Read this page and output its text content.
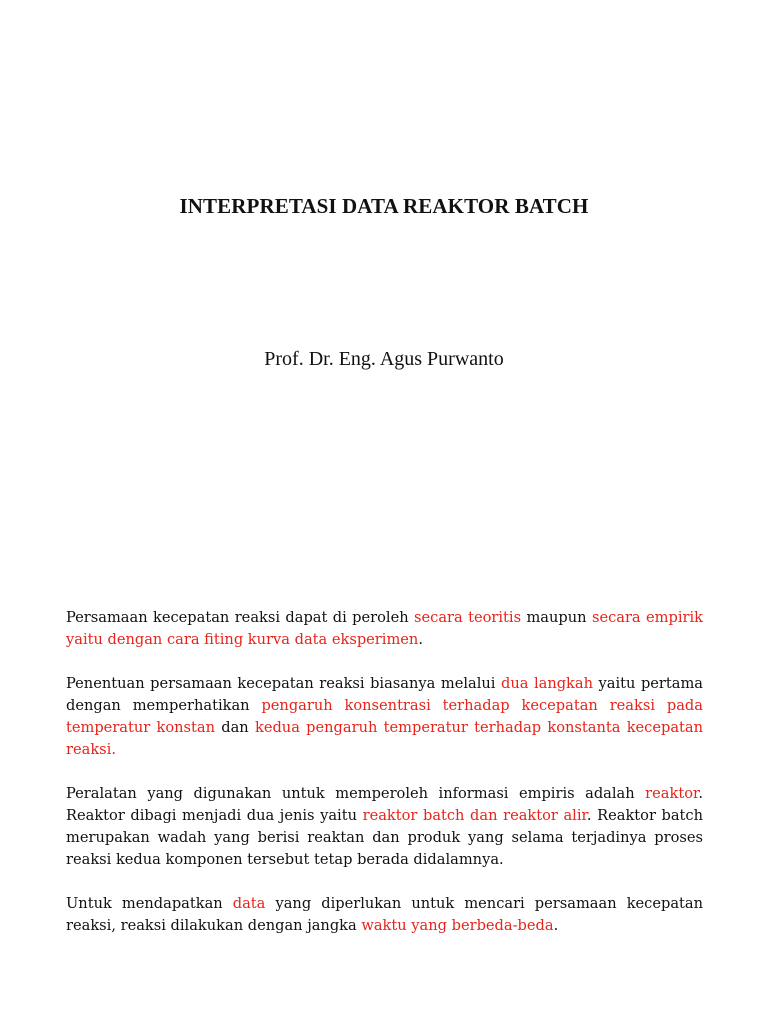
INTERPRETASI DATA REAKTOR BATCH

Prof. Dr. Eng. Agus Purwanto

Persamaan kecepatan reaksi dapat di peroleh secara teoritis maupun secara empirik yaitu dengan cara fiting kurva data eksperimen.

Penentuan persamaan kecepatan reaksi biasanya melalui dua langkah yaitu pertama dengan memperhatikan pengaruh konsentrasi terhadap kecepatan reaksi pada temperatur konstan dan kedua pengaruh temperatur terhadap konstanta kecepatan reaksi.

Peralatan yang digunakan untuk memperoleh informasi empiris adalah reaktor. Reaktor dibagi menjadi dua jenis yaitu reaktor batch dan reaktor alir. Reaktor batch merupakan wadah yang berisi reaktan dan produk yang selama terjadinya proses reaksi kedua komponen tersebut tetap berada didalamnya.

Untuk mendapatkan data yang diperlukan untuk mencari persamaan kecepatan reaksi, reaksi dilakukan dengan jangka waktu yang berbeda-beda.
